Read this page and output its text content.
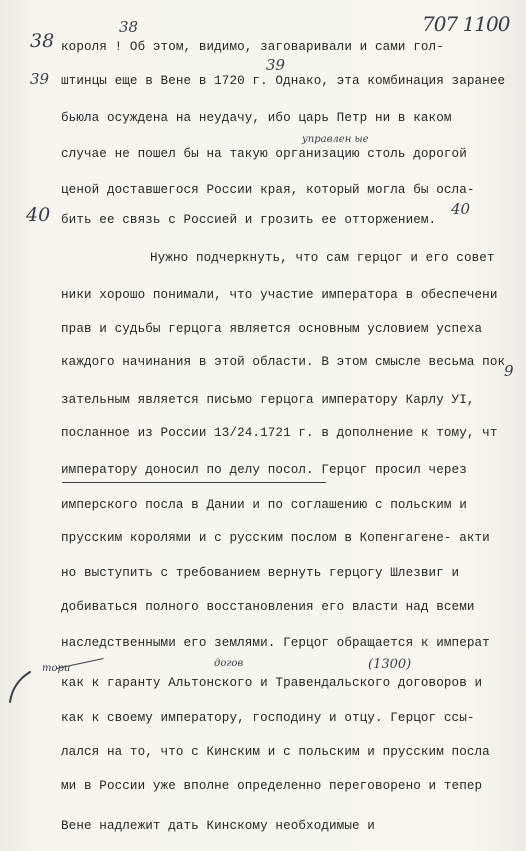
707 1100

38

39

40

38

39

40

9

управлен ые

тори	догов	(1300)

короля ! Об этом, видимо, заговаривали и сами гол-

штинцы еще в Вене в 1720 г. Однако, эта комбинация заранее

бьюла осуждена на неудачу, ибо царь Петр ни в каком

случае не пошел бы на такую организацию столь дорогой

ценой доставшегося России края, который могла бы осла-

бить ее связь с Россией и грозить ее отторжением.

Нужно подчеркнуть, что сам герцог и его совет

ники хорошо понимали, что участие императора в обеспечени

прав и судьбы герцога является основным условием успеха

каждого начинания в этой области. В этом смысле весьма пок

зательным является письмо герцога императору Карлу УI,

посланное из России 13/24.1721 г. в дополнение к тому, чт

императору доносил по делу посол. Герцог просил через

имперского посла в Дании и по соглашению с польским и

прусским королями и с русским послом в Копенгагене- акти

но выступить с требованием вернуть герцогу Шлезвиг и

добиваться полного восстановления его власти над всеми

наследственными его землями. Герцог обращается к императ

как к гаранту Альтонского и Травендальского договоров и

как к своему императору, господину и отцу. Герцог ссы-

лался на то, что с Кинским и с польским и прусским посла

ми в России уже вполне определенно переговорено и тепер

Вене надлежит дать Кинскому необходимые и
